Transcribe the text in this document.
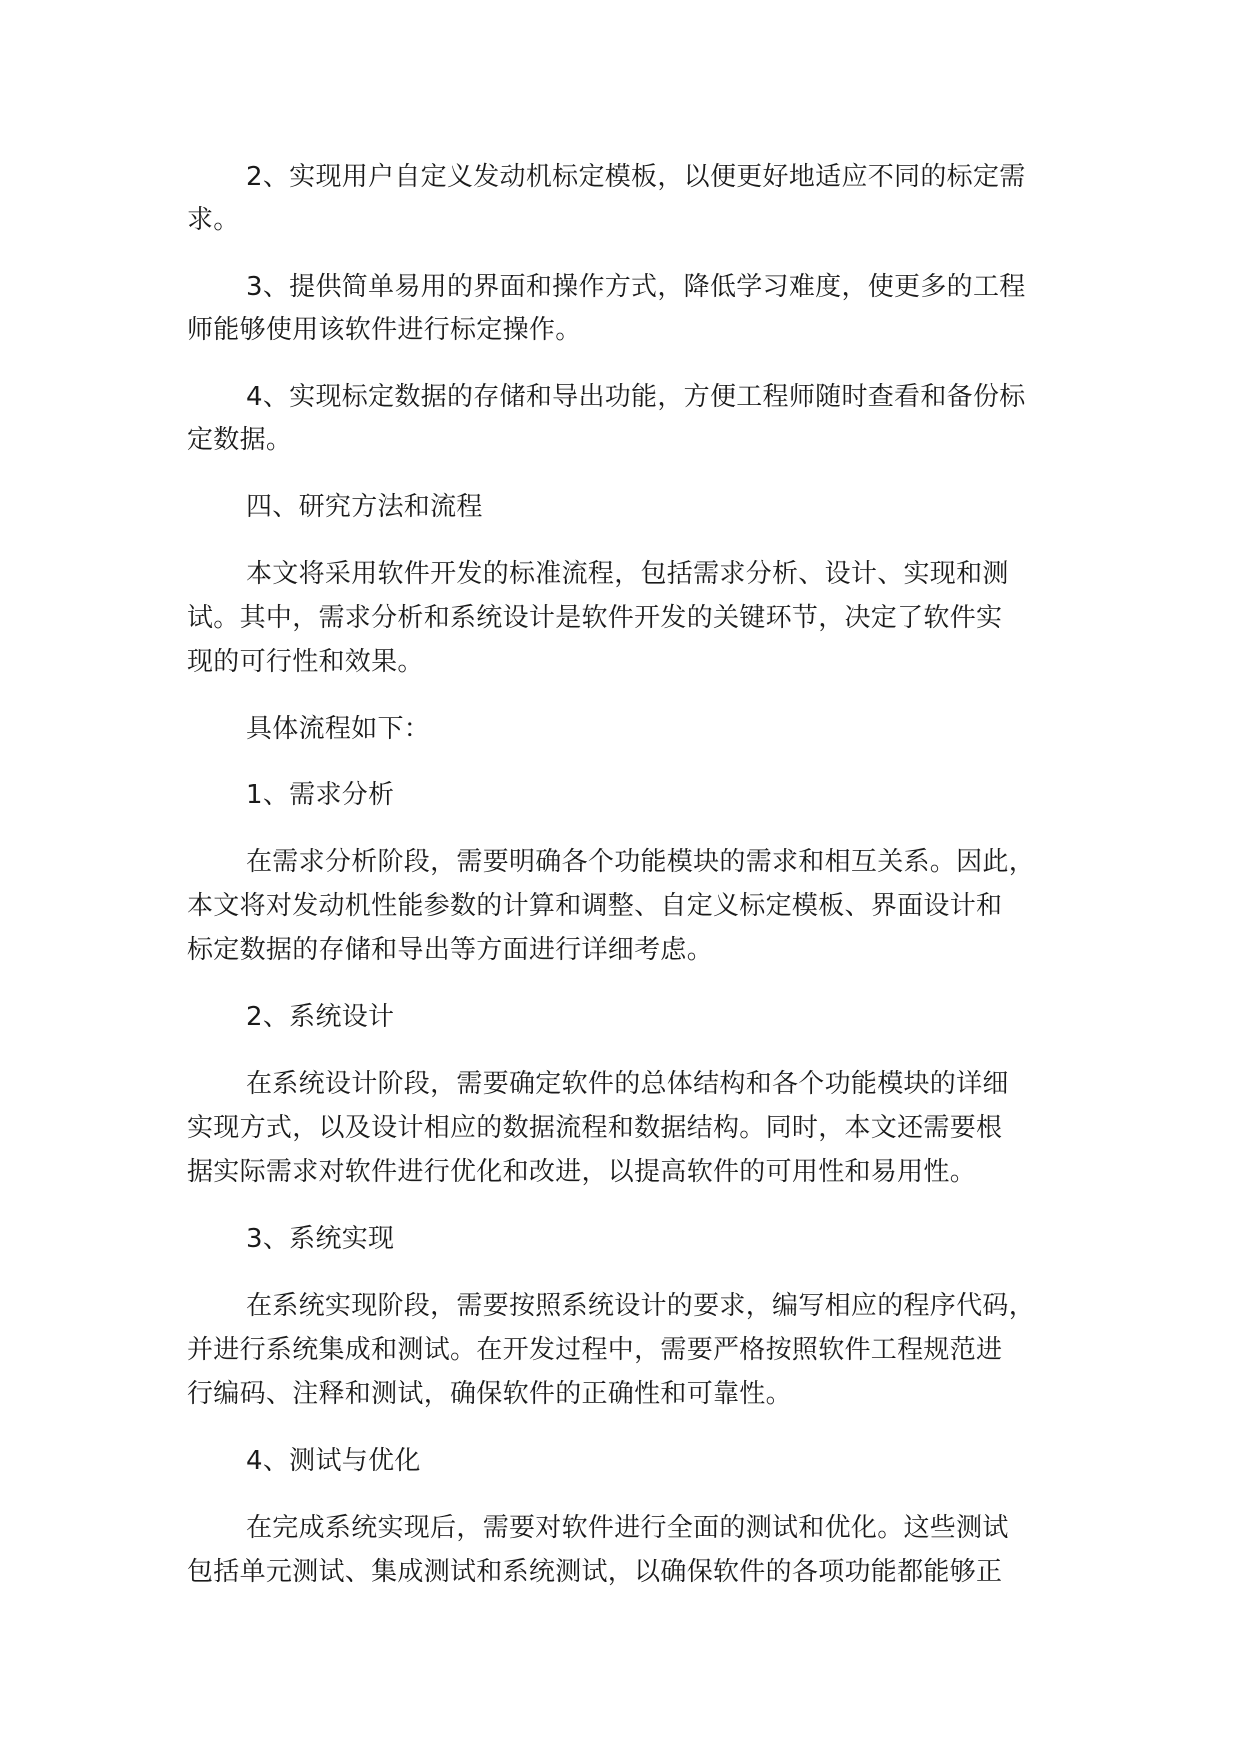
2、实现用户自定义发动机标定模板，以便更好地适应不同的标定需
求。
3、提供简单易用的界面和操作方式，降低学习难度，使更多的工程
师能够使用该软件进行标定操作。
4、实现标定数据的存储和导出功能，方便工程师随时查看和备份标
定数据。
四、研究方法和流程
本文将采用软件开发的标准流程，包括需求分析、设计、实现和测
试。其中，需求分析和系统设计是软件开发的关键环节，决定了软件实
现的可行性和效果。
具体流程如下：
1、需求分析
在需求分析阶段，需要明确各个功能模块的需求和相互关系。因此，
本文将对发动机性能参数的计算和调整、自定义标定模板、界面设计和
标定数据的存储和导出等方面进行详细考虑。
2、系统设计
在系统设计阶段，需要确定软件的总体结构和各个功能模块的详细
实现方式，以及设计相应的数据流程和数据结构。同时，本文还需要根
据实际需求对软件进行优化和改进，以提高软件的可用性和易用性。
3、系统实现
在系统实现阶段，需要按照系统设计的要求，编写相应的程序代码，
并进行系统集成和测试。在开发过程中，需要严格按照软件工程规范进
行编码、注释和测试，确保软件的正确性和可靠性。
4、测试与优化
在完成系统实现后，需要对软件进行全面的测试和优化。这些测试
包括单元测试、集成测试和系统测试，以确保软件的各项功能都能够正
